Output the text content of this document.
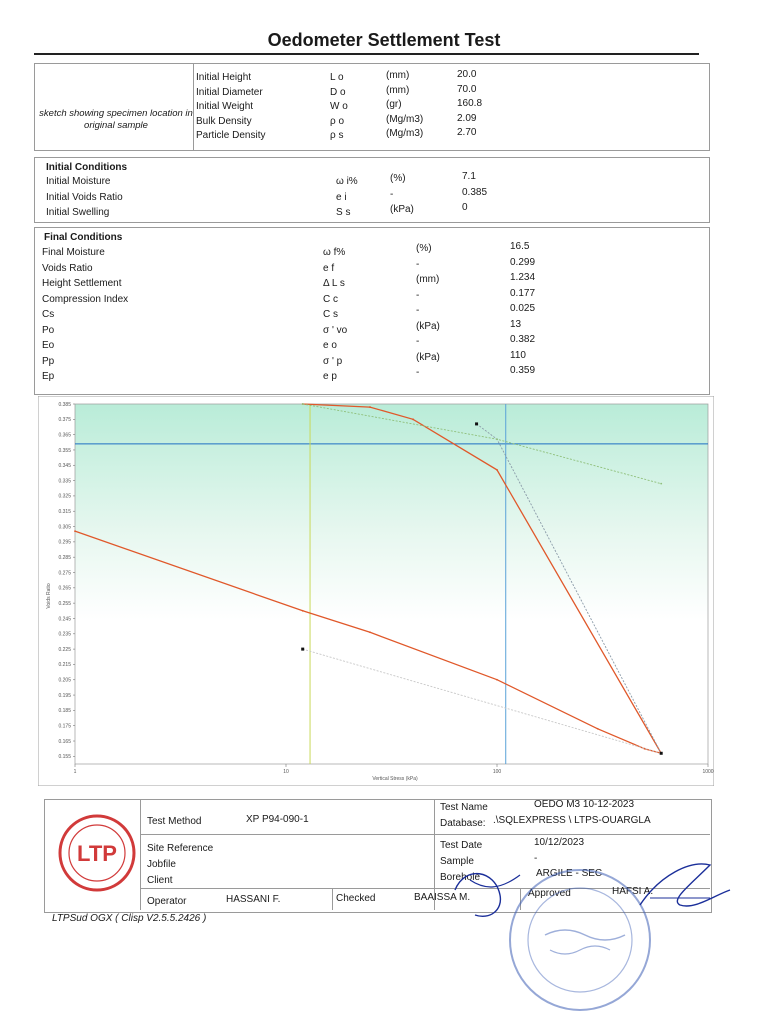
Oedometer Settlement Test
sketch showing specimen location in original sample
Initial Height	L o	(mm)	20.0
Initial Diameter	D o	(mm)	70.0
Initial Weight	W o	(gr)	160.8
Bulk Density	ρ o	(Mg/m3)	2.09
Particle Density	ρ s	(Mg/m3)	2.70
Initial Conditions
Initial Moisture	ω i%	(%)	7.1
Initial Voids Ratio	e i	-	0.385
Initial Swelling	S s	(kPa)	0
Final Conditions
Final Moisture	ω f%	(%)	16.5
Voids Ratio	e f	-	0.299
Height Settlement	Δ L s	(mm)	1.234
Compression Index	C c	-	0.177
Cs	C s	-	0.025
Po	σ ' vo	(kPa)	13
Eo	e o	-	0.382
Pp	σ ' p	(kPa)	110
Ep	e p	-	0.359
0.385
0.375
0.365
0.355
0.345
0.335
0.325
0.315
0.305
0.295
0.285
0.275
0.265
0.255
0.245
0.235
0.225
0.215
0.205
0.195
0.185
0.175
0.165
0.155
1	10	100	1000
Voids Ratio
Vertical Stress (kPa)
LTP
Test Method	XP P94-090-1
Site Reference
Jobfile
Client
Operator	HASSANI F.	Checked	BAAISSA M.	Approved	HAFSI A.
Test Name	OEDO M3 10-12-2023
Database: .\SQLEXPRESS \ LTPS-OUARGLA
Test Date	10/12/2023
Sample	-
Borehole	ARGILE - SEC
LTPSud OGX ( Clisp V2.5.5.2426 )
